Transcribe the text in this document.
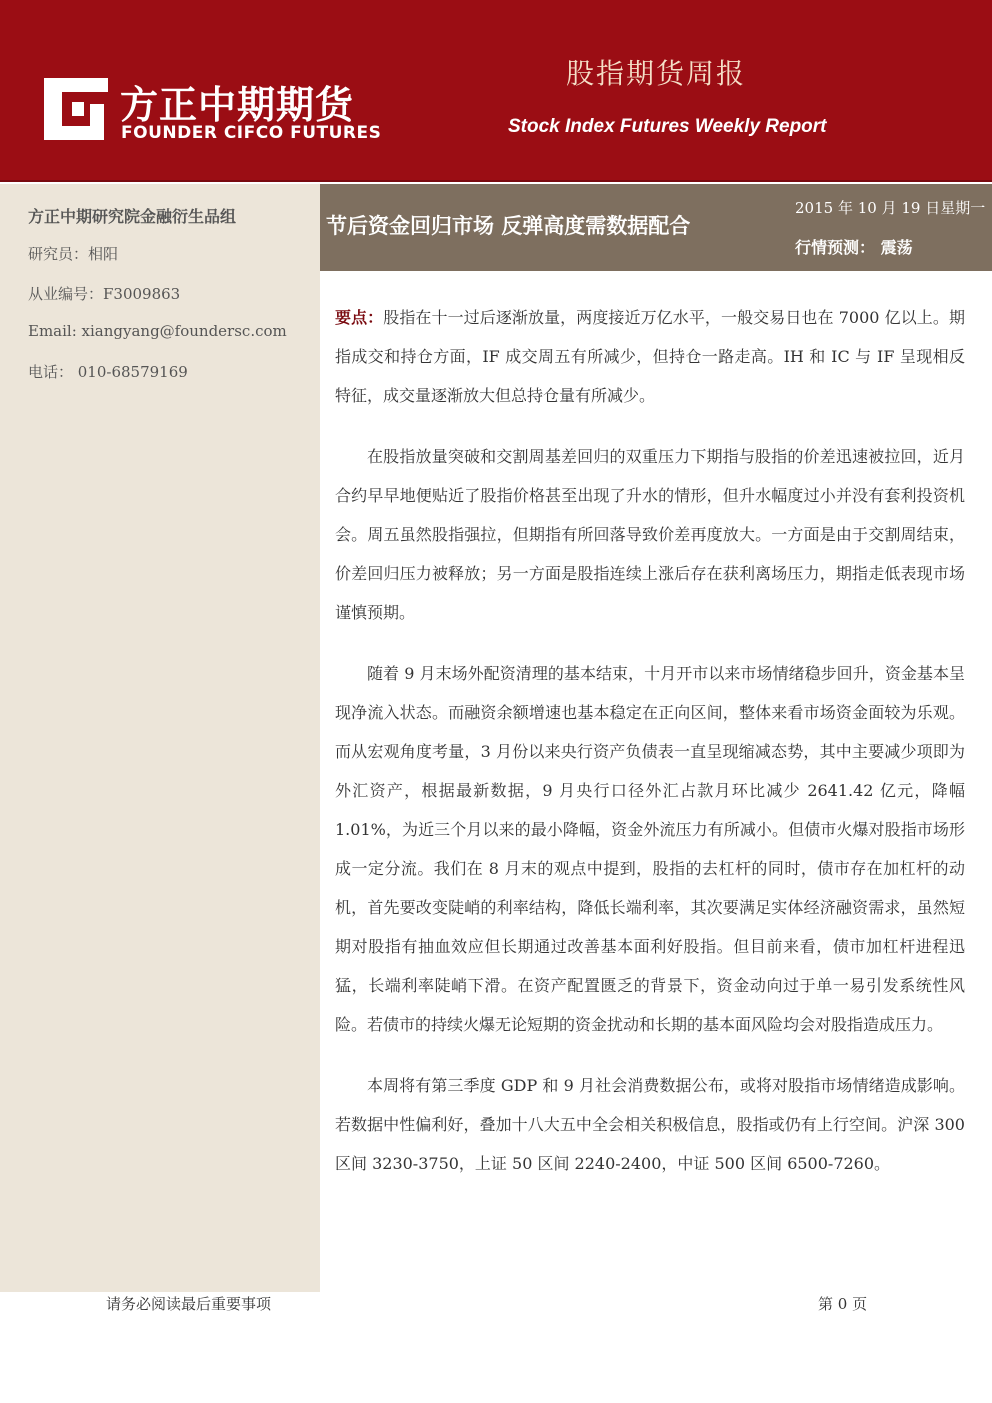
方正中期期货
FOUNDER CIFCO FUTURES
股指期货周报
Stock Index Futures Weekly Report
方正中期研究院金融衍生品组
研究员：相阳
从业编号：F3009863
Email: xiangyang@foundersc.com
电话： 010-68579169
节后资金回归市场 反弹高度需数据配合
2015 年 10 月 19 日星期一
行情预测： 震荡

要点：股指在十一过后逐渐放量，两度接近万亿水平，一般交易日也在 7000 亿以上。期指成交和持仓方面，IF 成交周五有所减少，但持仓一路走高。IH 和 IC 与 IF 呈现相反特征，成交量逐渐放大但总持仓量有所减少。

在股指放量突破和交割周基差回归的双重压力下期指与股指的价差迅速被拉回，近月合约早早地便贴近了股指价格甚至出现了升水的情形，但升水幅度过小并没有套利投资机会。周五虽然股指强拉，但期指有所回落导致价差再度放大。一方面是由于交割周结束，价差回归压力被释放；另一方面是股指连续上涨后存在获利离场压力，期指走低表现市场谨慎预期。

随着 9 月末场外配资清理的基本结束，十月开市以来市场情绪稳步回升，资金基本呈现净流入状态。而融资余额增速也基本稳定在正向区间，整体来看市场资金面较为乐观。而从宏观角度考量，3 月份以来央行资产负债表一直呈现缩减态势，其中主要减少项即为外汇资产，根据最新数据，9 月央行口径外汇占款月环比减少 2641.42 亿元，降幅 1.01%，为近三个月以来的最小降幅，资金外流压力有所减小。但债市火爆对股指市场形成一定分流。我们在 8 月末的观点中提到，股指的去杠杆的同时，债市存在加杠杆的动机，首先要改变陡峭的利率结构，降低长端利率，其次要满足实体经济融资需求，虽然短期对股指有抽血效应但长期通过改善基本面利好股指。但目前来看，债市加杠杆进程迅猛，长端利率陡峭下滑。在资产配置匮乏的背景下，资金动向过于单一易引发系统性风险。若债市的持续火爆无论短期的资金扰动和长期的基本面风险均会对股指造成压力。

本周将有第三季度 GDP 和 9 月社会消费数据公布，或将对股指市场情绪造成影响。若数据中性偏利好，叠加十八大五中全会相关积极信息，股指或仍有上行空间。沪深 300 区间 3230-3750，上证 50 区间 2240-2400，中证 500 区间 6500-7260。

请务必阅读最后重要事项	第 0 页
